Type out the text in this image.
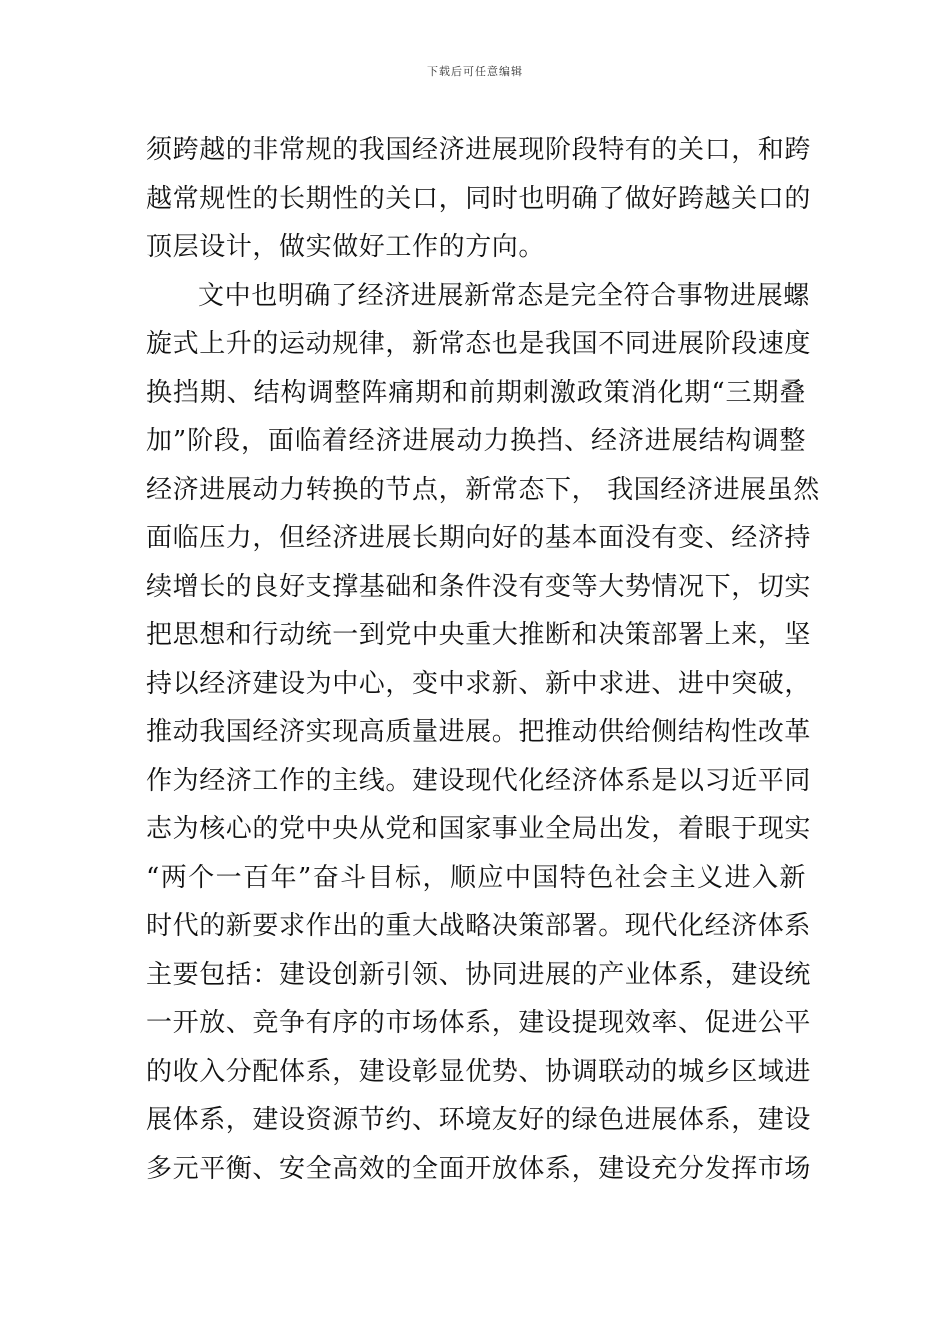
下载后可任意编辑
须跨越的非常规的我国经济进展现阶段特有的关口，和跨
越常规性的长期性的关口，同时也明确了做好跨越关口的
顶层设计，做实做好工作的方向。
文中也明确了经济进展新常态是完全符合事物进展螺
旋式上升的运动规律，新常态也是我国不同进展阶段速度
换挡期、结构调整阵痛期和前期刺激政策消化期“三期叠
加”阶段，面临着经济进展动力换挡、经济进展结构调整
经济进展动力转换的节点，新常态下， 我国经济进展虽然
面临压力，但经济进展长期向好的基本面没有变、经济持
续增长的良好支撑基础和条件没有变等大势情况下，切实
把思想和行动统一到党中央重大推断和决策部署上来，坚
持以经济建设为中心，变中求新、新中求进、进中突破，
推动我国经济实现高质量进展。把推动供给侧结构性改革
作为经济工作的主线。建设现代化经济体系是以习近平同
志为核心的党中央从党和国家事业全局出发，着眼于现实
“两个一百年”奋斗目标，顺应中国特色社会主义进入新
时代的新要求作出的重大战略决策部署。现代化经济体系
主要包括：建设创新引领、协同进展的产业体系，建设统
一开放、竞争有序的市场体系，建设提现效率、促进公平
的收入分配体系，建设彰显优势、协调联动的城乡区域进
展体系，建设资源节约、环境友好的绿色进展体系，建设
多元平衡、安全高效的全面开放体系，建设充分发挥市场
